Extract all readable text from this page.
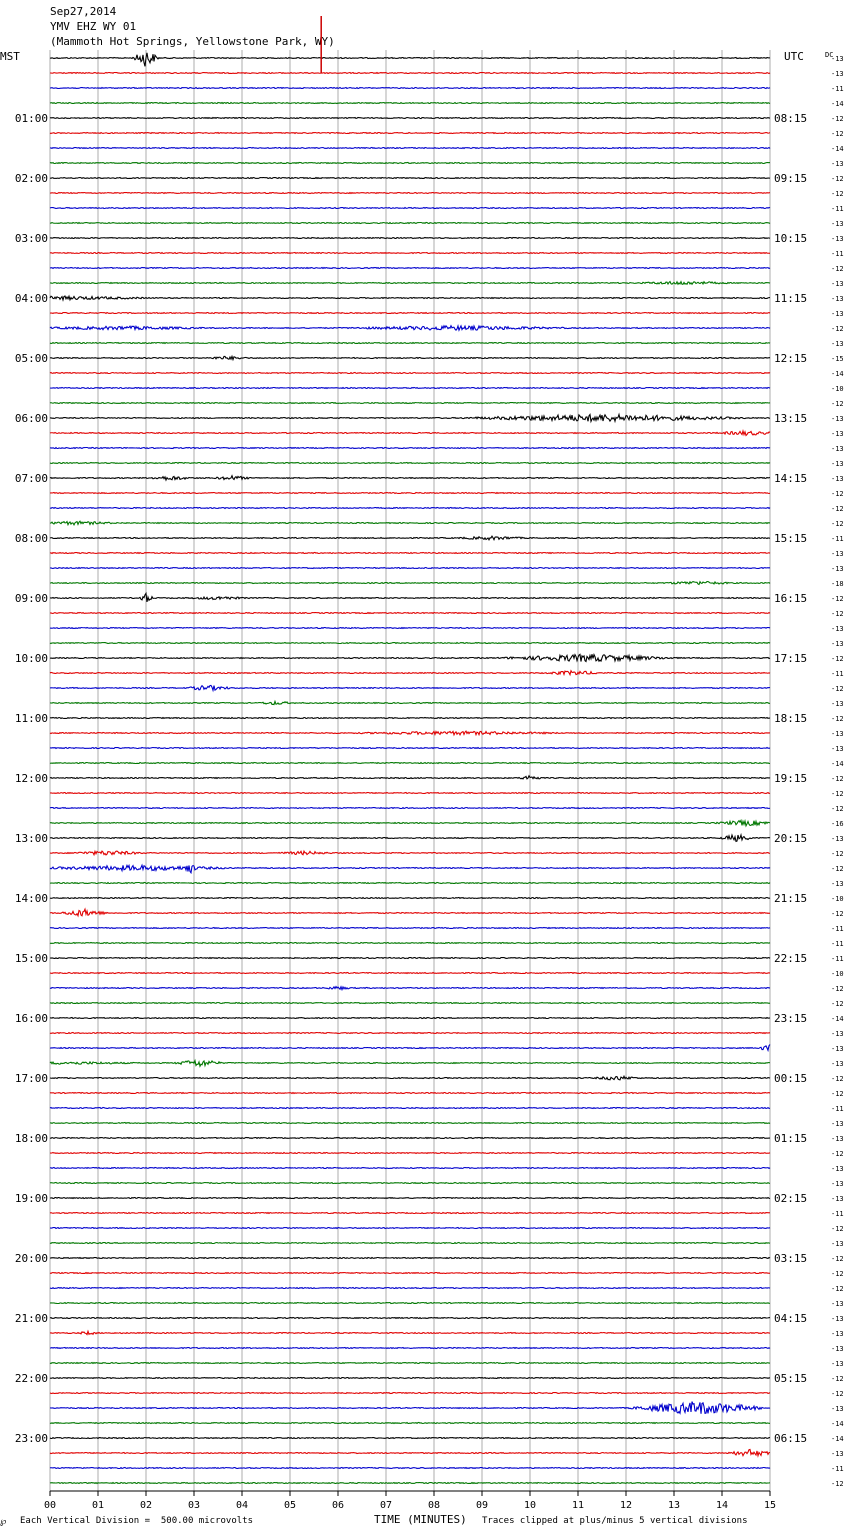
Sep27,2014
YMV EHZ WY 01
(Mammoth Hot Springs, Yellowstone Park, WY)
00	01	02	03	04	05	06	07	08	09	10	11	12	13	14	15
-13
-13
-11
-14
-12
-12
-14
-13
-12
-12
-11
-13
-13
-11
-12
-13
-13
-13
-12
-13
-15
-14
-10
-12
-13
-13
-13
-13
-13
-12
-12
-12
-11
-13
-13
-18
-12
-12
-13
-13
-12
-11
-12
-13
-12
-13
-13
-14
-12
-12
-12
-16
-13
-12
-12
-13
-10
-12
-11
-11
-11
-10
-12
-12
-14
-13
-13
-13
-12
-12
-11
-13
-13
-12
-13
-13
-13
-11
-12
-13
-12
-12
-12
-13
-13
-13
-13
-13
-12
-12
-13
-14
-14
-13
-11
-12
01:00
02:00
03:00
04:00
05:00
06:00
07:00
08:00
09:00
10:00
11:00
12:00
13:00
14:00
15:00
16:00
17:00
18:00
19:00
20:00
21:00
22:00
23:00
08:15
09:15
10:15
11:15
12:15
13:15
14:15
15:15
16:15
17:15
18:15
19:15
20:15
21:15
22:15
23:15
00:15
01:15
02:15
03:15
04:15
05:15
06:15
MST	UTC	DC
℘ Each Vertical Division =  500.00 microvolts	TIME (MINUTES) Traces clipped at plus/minus 5 vertical divisions
